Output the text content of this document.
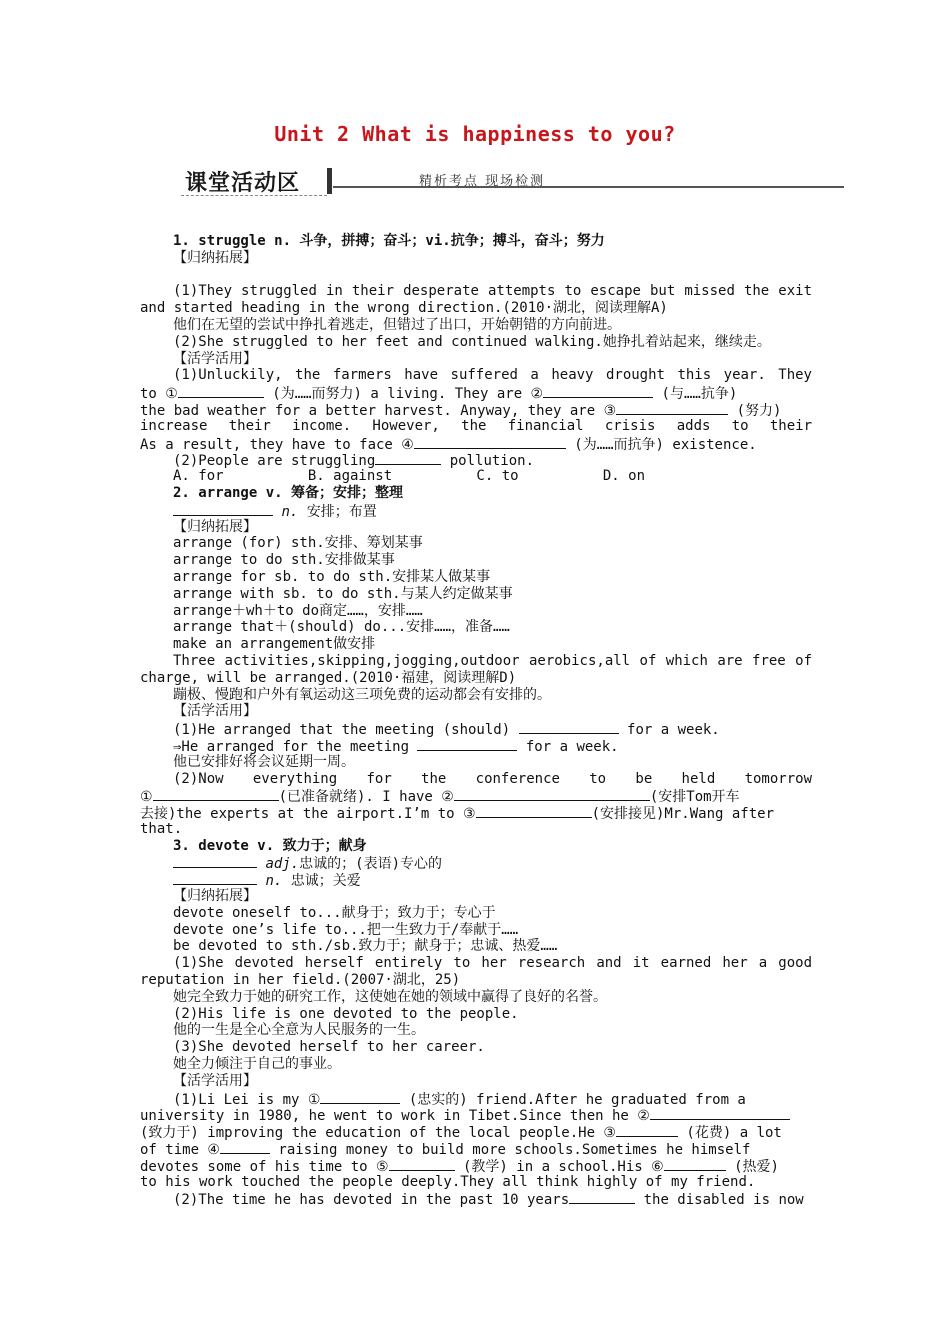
Unit 2 What is happiness to you?
课堂活动区	精析考点 现场检测
1. struggle n. 斗争，拼搏；奋斗；vi.抗争；搏斗，奋斗；努力
【归纳拓展】
(1)They struggled in their desperate attempts to escape but missed the exit
and started heading in the wrong direction.(2010·湖北，阅读理解A)
他们在无望的尝试中挣扎着逃走，但错过了出口，开始朝错的方向前进。
(2)She struggled to her feet and continued walking.她挣扎着站起来，继续走。
【活学活用】
(1)Unluckily, the farmers have suffered a heavy drought this year. They
to ①	(为……而努力) a living. They are ②	(与……抗争)
the bad weather for a better harvest. Anyway, they are ③	(努力)
increase their income. However, the financial crisis adds to their
As a result, they have to face ④	(为……而抗争) existence.
(2)People are struggling	pollution.
A. for          B. against          C. to          D. on
2. arrange v. 筹备；安排；整理
n. 安排；布置
【归纳拓展】
arrange (for) sth.安排、筹划某事
arrange to do sth.安排做某事
arrange for sb. to do sth.安排某人做某事
arrange with sb. to do sth.与某人约定做某事
arrange＋wh＋to do商定……，安排……
arrange that＋(should) do...安排……，准备……
make an arrangement做安排
Three activities,skipping,jogging,outdoor aerobics,all of which are free of
charge, will be arranged.(2010·福建，阅读理解D)
蹦极、慢跑和户外有氧运动这三项免费的运动都会有安排的。
【活学活用】
(1)He arranged that the meeting (should)	for a week.
⇒He arranged for the meeting	for a week.
他已安排好将会议延期一周。
(2)Now everything for the conference to be held tomorrow
①	(已准备就绪). I have ②	(安排Tom开车
去接)the experts at the airport.I’m to ③	(安排接见)Mr.Wang after
that.
3. devote v. 致力于；献身
adj.忠诚的；(表语)专心的
n. 忠诚；关爱
【归纳拓展】
devote oneself to...献身于；致力于；专心于
devote one’s life to...把一生致力于/奉献于……
be devoted to sth./sb.致力于；献身于；忠诚、热爱……
(1)She devoted herself entirely to her research and it earned her a good
reputation in her field.(2007·湖北，25)
她完全致力于她的研究工作，这使她在她的领域中赢得了良好的名誉。
(2)His life is one devoted to the people.
他的一生是全心全意为人民服务的一生。
(3)She devoted herself to her career.
她全力倾注于自己的事业。
【活学活用】
(1)Li Lei is my ①	(忠实的) friend.After he graduated from a
university in 1980, he went to work in Tibet.Since then he ②
(致力于) improving the education of the local people.He ③	(花费) a lot
of time ④	raising money to build more schools.Sometimes he himself
devotes some of his time to ⑤	(教学) in a school.His ⑥	(热爱)
to his work touched the people deeply.They all think highly of my friend.
(2)The time he has devoted in the past 10 years	the disabled is now
